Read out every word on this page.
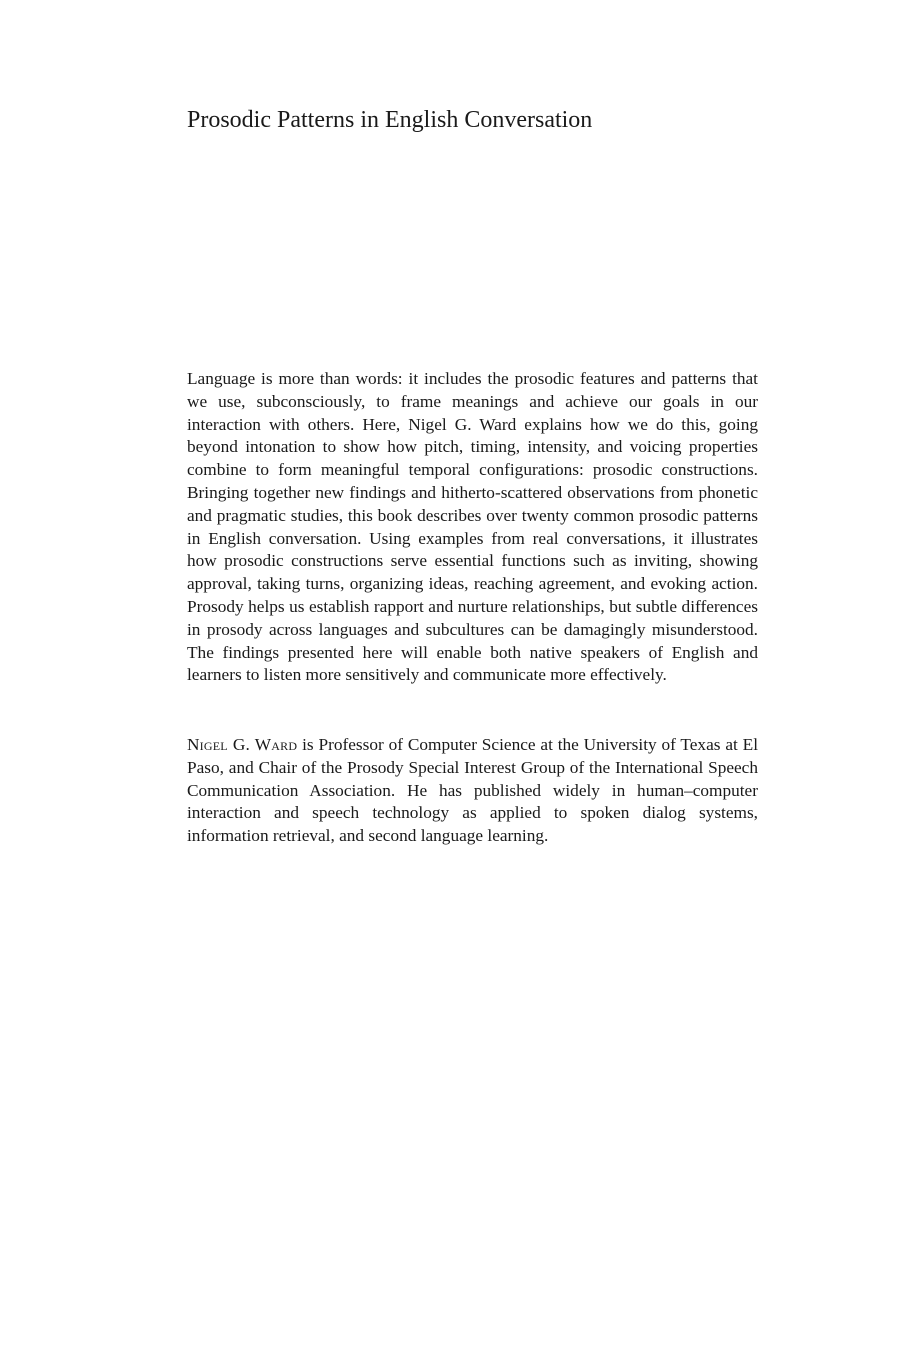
Prosodic Patterns in English Conversation

Language is more than words: it includes the prosodic features and patterns that we use, subconsciously, to frame meanings and achieve our goals in our interaction with others. Here, Nigel G. Ward explains how we do this, going beyond intonation to show how pitch, timing, intensity, and voicing properties combine to form meaningful temporal configurations: prosodic constructions. Bringing together new findings and hitherto-scattered observations from phonetic and pragmatic studies, this book describes over twenty common prosodic patterns in English conversation. Using examples from real conversations, it illustrates how prosodic constructions serve essential functions such as inviting, showing approval, taking turns, organizing ideas, reaching agreement, and evoking action. Prosody helps us establish rapport and nurture relationships, but subtle differences in prosody across languages and subcultures can be damagingly misunderstood. The findings presented here will enable both native speakers of English and learners to listen more sensitively and communicate more effectively.

Nigel G. Ward is Professor of Computer Science at the University of Texas at El Paso, and Chair of the Prosody Special Interest Group of the International Speech Communication Association. He has published widely in human–computer interaction and speech technology as applied to spoken dialog systems, information retrieval, and second language learning.
